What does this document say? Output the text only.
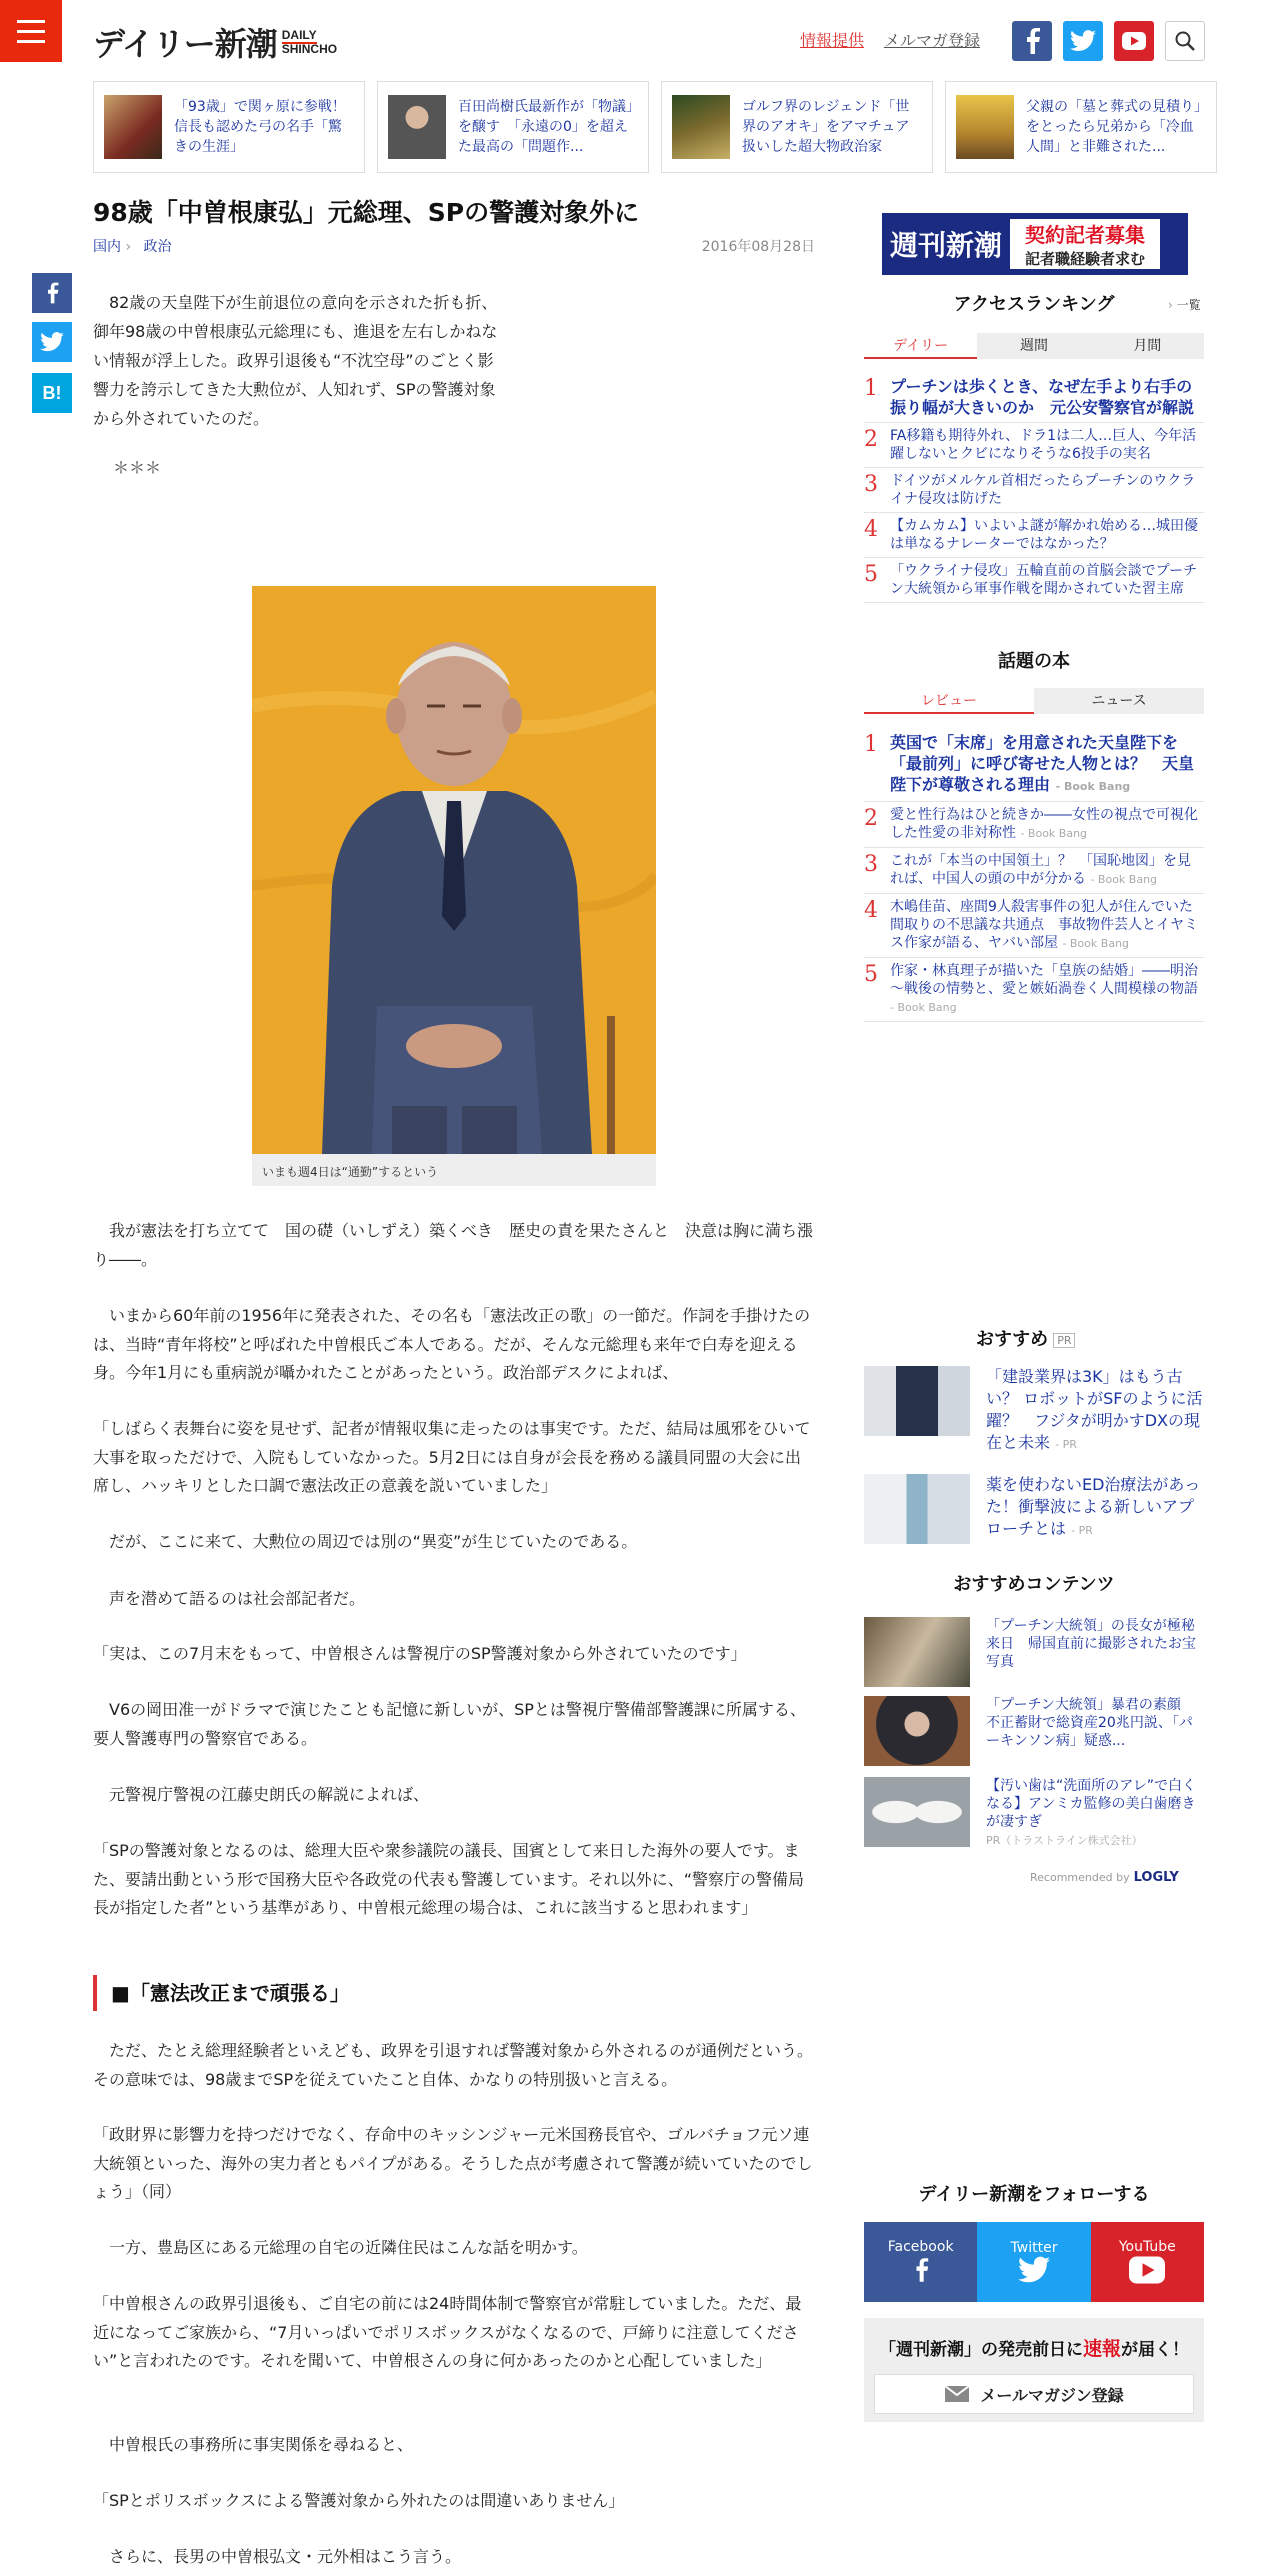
デイリー新潮 DAILY
SHINCHO	情報提供 メルマガ登録
「93歳」で関ヶ原に参戦！信長も認めた弓の名手「驚きの生涯」
百田尚樹氏最新作が「物議」を醸す　「永遠の0」を超えた最高の「問題作...
ゴルフ界のレジェンド「世界のアオキ」をアマチュア扱いした超大物政治家
父親の「墓と葬式の見積り」をとったら兄弟から「冷血人間」と非難された...
98歳「中曽根康弘」元総理、SPの警護対象外に
国内 › 政治	2016年08月28日
B!

　82歳の天皇陛下が生前退位の意向を示された折も折、御年98歳の中曽根康弘元総理にも、進退を左右しかねない情報が浮上した。政界引退後も“不沈空母”のごとく影響力を誇示してきた大勲位が、人知れず、SPの警護対象から外されていたのだ。

＊＊＊
いまも週4日は“通勤”するという

　我が憲法を打ち立てて　国の礎（いしずえ）築くべき　歴史の責を果たさんと　決意は胸に満ち漲り――。

　いまから60年前の1956年に発表された、その名も「憲法改正の歌」の一節だ。作詞を手掛けたのは、当時“青年将校”と呼ばれた中曽根氏ご本人である。だが、そんな元総理も来年で白寿を迎える身。今年1月にも重病説が囁かれたことがあったという。政治部デスクによれば、

「しばらく表舞台に姿を見せず、記者が情報収集に走ったのは事実です。ただ、結局は風邪をひいて大事を取っただけで、入院もしていなかった。5月2日には自身が会長を務める議員同盟の大会に出席し、ハッキリとした口調で憲法改正の意義を説いていました」

　だが、ここに来て、大勲位の周辺では別の“異変”が生じていたのである。

　声を潜めて語るのは社会部記者だ。

「実は、この7月末をもって、中曽根さんは警視庁のSP警護対象から外されていたのです」

　V6の岡田准一がドラマで演じたことも記憶に新しいが、SPとは警視庁警備部警護課に所属する、要人警護専門の警察官である。

　元警視庁警視の江藤史朗氏の解説によれば、

「SPの警護対象となるのは、総理大臣や衆参議院の議長、国賓として来日した海外の要人です。また、要請出動という形で国務大臣や各政党の代表も警護しています。それ以外に、“警察庁の警備局長が指定した者”という基準があり、中曽根元総理の場合は、これに該当すると思われます」

■「憲法改正まで頑張る」

　ただ、たとえ総理経験者といえども、政界を引退すれば警護対象から外されるのが通例だという。その意味では、98歳までSPを従えていたこと自体、かなりの特別扱いと言える。

「政財界に影響力を持つだけでなく、存命中のキッシンジャー元米国務長官や、ゴルバチョフ元ソ連大統領といった、海外の実力者ともパイプがある。そうした点が考慮されて警護が続いていたのでしょう」（同）

　一方、豊島区にある元総理の自宅の近隣住民はこんな話を明かす。

「中曽根さんの政界引退後も、ご自宅の前には24時間体制で警察官が常駐していました。ただ、最近になってご家族から、“7月いっぱいでポリスボックスがなくなるので、戸締りに注意してください”と言われたのです。それを聞いて、中曽根さんの身に何かあったのかと心配していました」

　中曽根氏の事務所に事実関係を尋ねると、

「SPとポリスボックスによる警護対象から外れたのは間違いありません」

　さらに、長男の中曽根弘文・元外相はこう言う。

週刊新潮 契約記者募集
記者職経験者求む
アクセスランキング	› 一覧
デイリー	週間	月間
1 プーチンは歩くとき、なぜ左手より右手の振り幅が大きいのか　元公安警察官が解説
2 FA移籍も期待外れ、ドラ1は二人…巨人、今年活躍しないとクビになりそうな6投手の実名
3 ドイツがメルケル首相だったらプーチンのウクライナ侵攻は防げた
4 【カムカム】いよいよ謎が解かれ始める…城田優は単なるナレーターではなかった？
5 「ウクライナ侵攻」五輪直前の首脳会談でプーチン大統領から軍事作戦を聞かされていた習主席
話題の本
レビュー	ニュース
1 英国で「末席」を用意された天皇陛下を「最前列」に呼び寄せた人物とは？　天皇陛下が尊敬される理由 - Book Bang
2 愛と性行為はひと続きか――女性の視点で可視化した性愛の非対称性 - Book Bang
3 これが「本当の中国領土」？　「国恥地図」を見れば、中国人の頭の中が分かる - Book Bang
4 木嶋佳苗、座間9人殺害事件の犯人が住んでいた間取りの不思議な共通点　事故物件芸人とイヤミス作家が語る、ヤバい部屋 - Book Bang
5 作家・林真理子が描いた「皇族の結婚」――明治～戦後の情勢と、愛と嫉妬渦巻く人間模様の物語 - Book Bang
おすすめ PR
「建設業界は3K」はもう古い？ ロボットがSFのように活躍？　フジタが明かすDXの現在と未来 - PR
薬を使わないED治療法があった！衝撃波による新しいアプローチとは - PR
おすすめコンテンツ
「プーチン大統領」の長女が極秘来日　帰国直前に撮影されたお宝写真
「プーチン大統領」暴君の素顔　不正蓄財で総資産20兆円説、「パーキンソン病」疑惑...
【汚い歯は“洗面所のアレ”で白くなる】アンミカ監修の美白歯磨きが凄すぎ
PR（トラストライン株式会社）
Recommended by LOGLY
デイリー新潮をフォローする
Facebook	Twitter	YouTube
「週刊新潮」の発売前日に速報が届く！
メールマガジン登録
